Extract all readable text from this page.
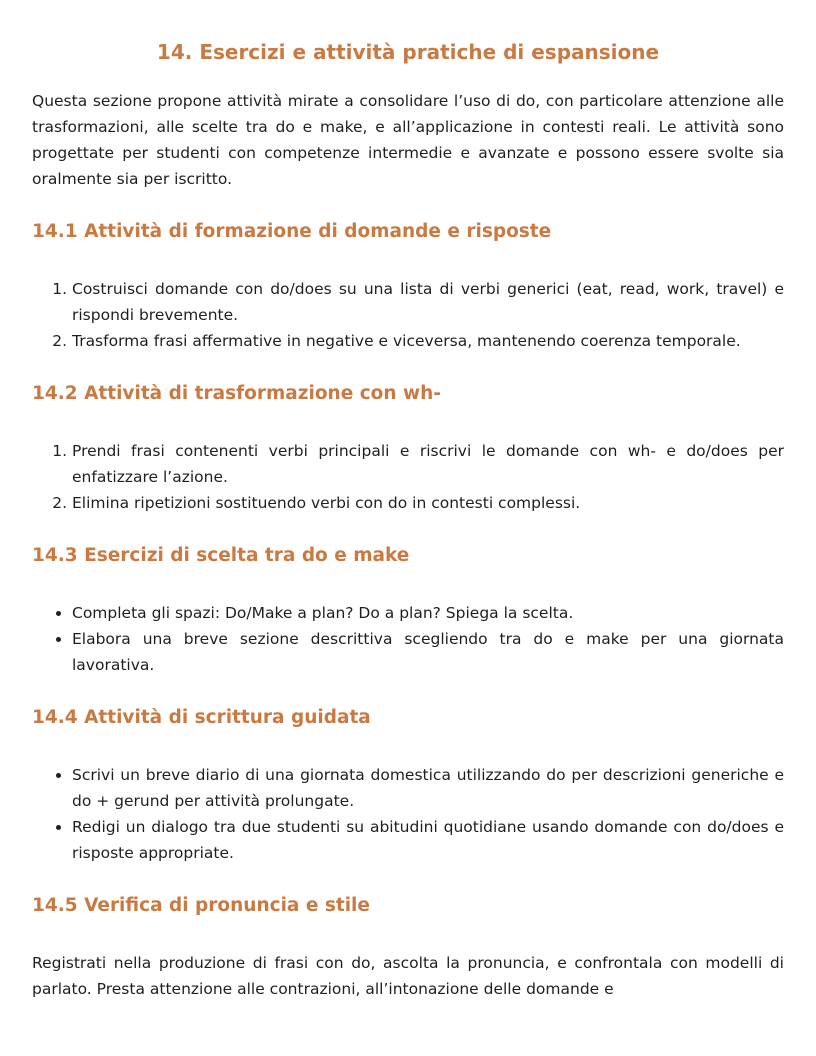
14. Esercizi e attività pratiche di espansione

Questa sezione propone attività mirate a consolidare l’uso di do, con particolare attenzione alle trasformazioni, alle scelte tra do e make, e all’applicazione in contesti reali. Le attività sono progettate per studenti con competenze intermedie e avanzate e possono essere svolte sia oralmente sia per iscritto.

14.1 Attività di formazione di domande e risposte
1. Costruisci domande con do/does su una lista di verbi generici (eat, read, work, travel) e rispondi brevemente.
2. Trasforma frasi affermative in negative e viceversa, mantenendo coerenza temporale.
14.2 Attività di trasformazione con wh-
1. Prendi frasi contenenti verbi principali e riscrivi le domande con wh- e do/does per enfatizzare l’azione.
2. Elimina ripetizioni sostituendo verbi con do in contesti complessi.
14.3 Esercizi di scelta tra do e make
• Completa gli spazi: Do/Make a plan? Do a plan? Spiega la scelta.
• Elabora una breve sezione descrittiva scegliendo tra do e make per una giornata lavorativa.
14.4 Attività di scrittura guidata
• Scrivi un breve diario di una giornata domestica utilizzando do per descrizioni generiche e do + gerund per attività prolungate.
• Redigi un dialogo tra due studenti su abitudini quotidiane usando domande con do/does e risposte appropriate.
14.5 Verifica di pronuncia e stile

Registrati nella produzione di frasi con do, ascolta la pronuncia, e confrontala con modelli di parlato. Presta attenzione alle contrazioni, all’intonazione delle domande e
